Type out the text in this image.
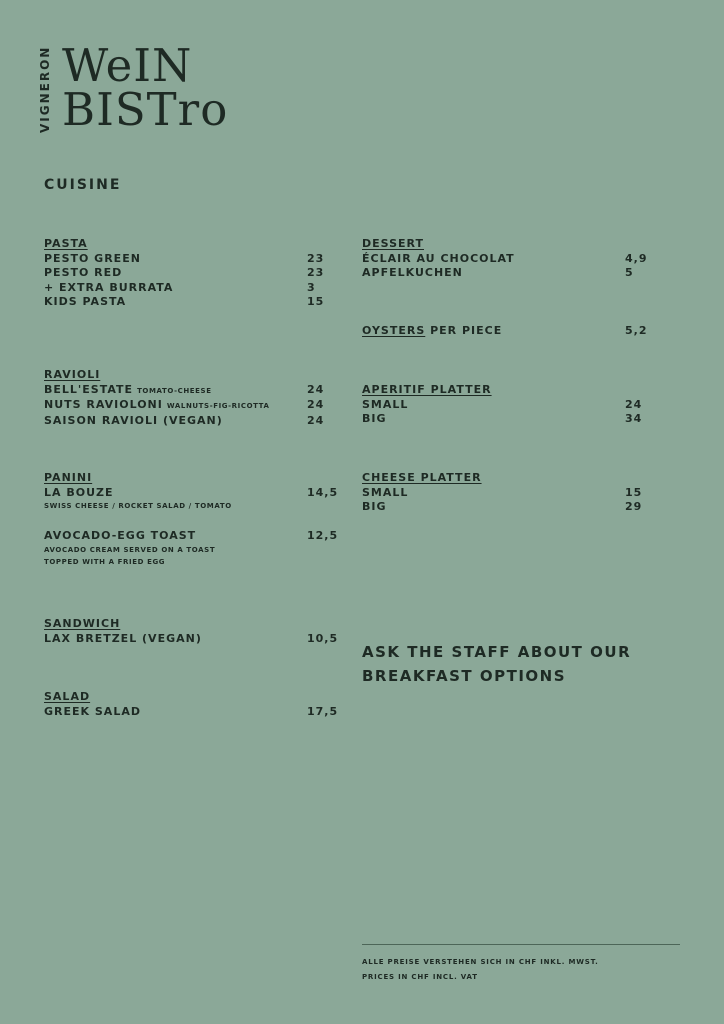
VIGNERON WeIN
BISTro
CUISINE
PASTA
PESTO GREEN	23
PESTO RED	23
+ EXTRA BURRATA	3
KIDS PASTA	15
RAVIOLI
BELL'ESTATE TOMATO-CHEESE	24
NUTS RAVIOLONI WALNUTS-FIG-RICOTTA	24
SAISON RAVIOLI (VEGAN)	24
PANINI
LA BOUZE	14,5
SWISS CHEESE / ROCKET SALAD / TOMATO
AVOCADO-EGG TOAST	12,5
AVOCADO CREAM SERVED ON A TOAST
TOPPED WITH A FRIED EGG
SANDWICH
LAX BRETZEL (VEGAN)	10,5
SALAD
GREEK SALAD	17,5
DESSERT
ÉCLAIR AU CHOCOLAT	4,9
APFELKUCHEN	5
OYSTERS PER PIECE	5,2
APERITIF PLATTER
SMALL	24
BIG	34
CHEESE PLATTER
SMALL	15
BIG	29
ASK THE STAFF ABOUT OUR
BREAKFAST OPTIONS
ALLE PREISE VERSTEHEN SICH IN CHF INKL. MWST.
PRICES IN CHF INCL. VAT
